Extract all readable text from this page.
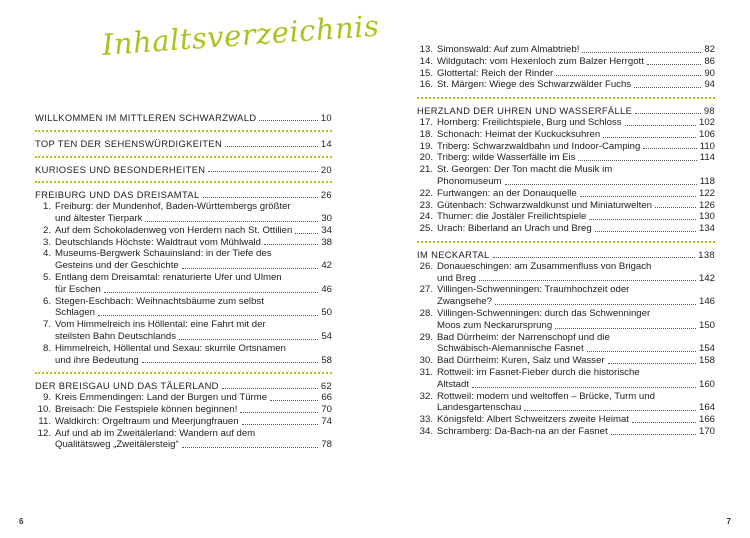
Inhaltsverzeichnis
WILLKOMMEN IM MITTLEREN SCHWARZWALD	10
TOP TEN DER SEHENSWÜRDIGKEITEN	14
KURIOSES UND BESONDERHEITEN	20
FREIBURG UND DAS DREISAMTAL	26
1. Freiburg: der Mundenhof, Baden-Württembergs größter
und ältester Tierpark	30
2. Auf dem Schokoladenweg von Herdern nach St. Ottilien	34
3. Deutschlands Höchste: Waldtraut vom Mühlwald	38
4. Museums-Bergwerk Schauinsland: in der Tiefe des
Gesteins und der Geschichte	42
5. Entlang dem Dreisamtal: renaturierte Ufer und Ulmen
für Eschen	46
6. Stegen-Eschbach: Weihnachtsbäume zum selbst
Schlagen	50
7. Vom Himmelreich ins Höllental: eine Fahrt mit der
steilsten Bahn Deutschlands	54
8. Himmelreich, Höllental und Sexau: skurrile Ortsnamen
und ihre Bedeutung	58
DER BREISGAU UND DAS TÄLERLAND	62
9. Kreis Emmendingen: Land der Burgen und Türme	66
10. Breisach: Die Festspiele können beginnen!	70
11. Waldkirch: Orgeltraum und Meerjungfrauen	74
12. Auf und ab im Zweitälerland: Wandern auf dem
Qualitätsweg „Zweitälersteig“	78
6
13. Simonswald: Auf zum Almabtrieb!	82
14. Wildgutach: vom Hexenloch zum Balzer Herrgott	86
15. Glottertal: Reich der Rinder	90
16. St. Märgen: Wiege des Schwarzwälder Fuchs	94
HERZLAND DER UHREN UND WASSERFÄLLE	98
17. Hornberg: Freilichtspiele, Burg und Schloss	102
18. Schonach: Heimat der Kuckucksuhren	106
19. Triberg: Schwarzwaldbahn und Indoor-Camping	110
20. Triberg: wilde Wasserfälle im Eis	114
21. St. Georgen: Der Ton macht die Musik im
Phonomuseum	118
22. Furtwangen: an der Donauquelle	122
23. Gütenbach: Schwarzwaldkunst und Miniaturwelten	126
24. Thurner: die Jostäler Freilichtspiele	130
25. Urach: Biberland an Urach und Breg	134
IM NECKARTAL	138
26. Donaueschingen: am Zusammenfluss von Brigach
und Breg	142
27. Villingen-Schwenningen: Traumhochzeit oder
Zwangsehe?	146
28. Villingen-Schwenningen: durch das Schwenninger
Moos zum Neckarursprung	150
29. Bad Dürrheim: der Narrenschopf und die
Schwäbisch-Alemannische Fasnet	154
30. Bad Dürrheim: Kuren, Salz und Wasser	158
31. Rottweil: im Fasnet-Fieber durch die historische
Altstadt	160
32. Rottweil: modern und weltoffen – Brücke, Turm und
Landesgartenschau	164
33. Königsfeld: Albert Schweitzers zweite Heimat	166
34. Schramberg: Da-Bach-na an der Fasnet	170
7
